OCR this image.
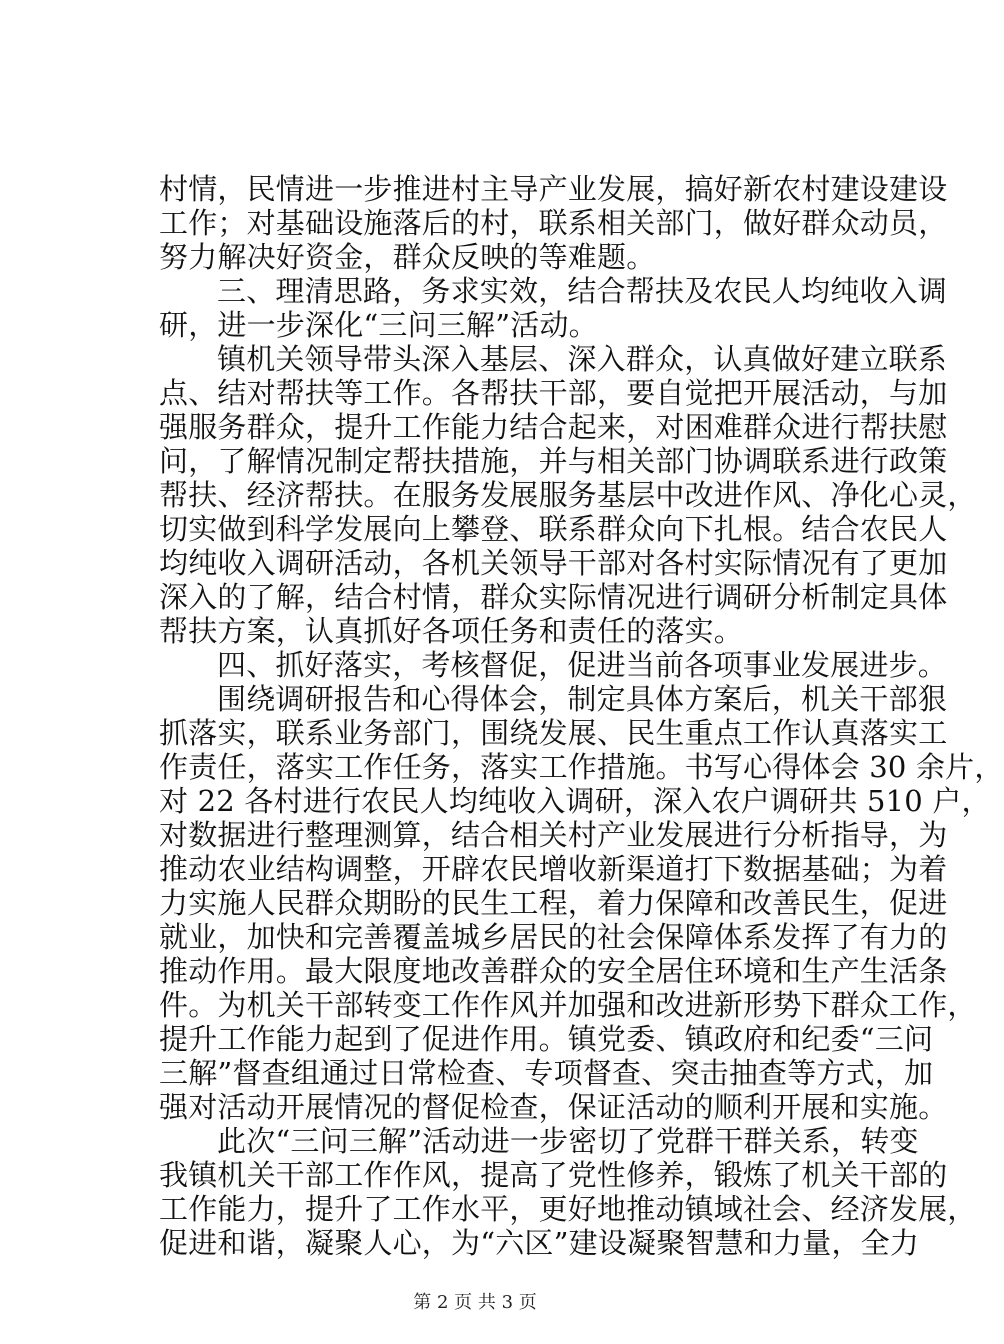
村情，民情进一步推进村主导产业发展，搞好新农村建设建设
工作；对基础设施落后的村，联系相关部门，做好群众动员，
努力解决好资金，群众反映的等难题。
三、理清思路，务求实效，结合帮扶及农民人均纯收入调
研，进一步深化“三问三解”活动。
镇机关领导带头深入基层、深入群众，认真做好建立联系
点、结对帮扶等工作。各帮扶干部，要自觉把开展活动，与加
强服务群众，提升工作能力结合起来，对困难群众进行帮扶慰
问，了解情况制定帮扶措施，并与相关部门协调联系进行政策
帮扶、经济帮扶。在服务发展服务基层中改进作风、净化心灵，
切实做到科学发展向上攀登、联系群众向下扎根。结合农民人
均纯收入调研活动，各机关领导干部对各村实际情况有了更加
深入的了解，结合村情，群众实际情况进行调研分析制定具体
帮扶方案，认真抓好各项任务和责任的落实。
四、抓好落实，考核督促，促进当前各项事业发展进步。
围绕调研报告和心得体会，制定具体方案后，机关干部狠
抓落实，联系业务部门，围绕发展、民生重点工作认真落实工
作责任，落实工作任务，落实工作措施。书写心得体会 30 余片，
对 22 各村进行农民人均纯收入调研，深入农户调研共 510 户，
对数据进行整理测算，结合相关村产业发展进行分析指导，为
推动农业结构调整，开辟农民增收新渠道打下数据基础；为着
力实施人民群众期盼的民生工程，着力保障和改善民生，促进
就业，加快和完善覆盖城乡居民的社会保障体系发挥了有力的
推动作用。最大限度地改善群众的安全居住环境和生产生活条
件。为机关干部转变工作作风并加强和改进新形势下群众工作，
提升工作能力起到了促进作用。镇党委、镇政府和纪委“三问
三解”督查组通过日常检查、专项督查、突击抽查等方式，加
强对活动开展情况的督促检查，保证活动的顺利开展和实施。
此次“三问三解”活动进一步密切了党群干群关系，转变
我镇机关干部工作作风，提高了党性修养，锻炼了机关干部的
工作能力，提升了工作水平，更好地推动镇域社会、经济发展，
促进和谐，凝聚人心，为“六区”建设凝聚智慧和力量，全力
第 2 页 共 3 页
